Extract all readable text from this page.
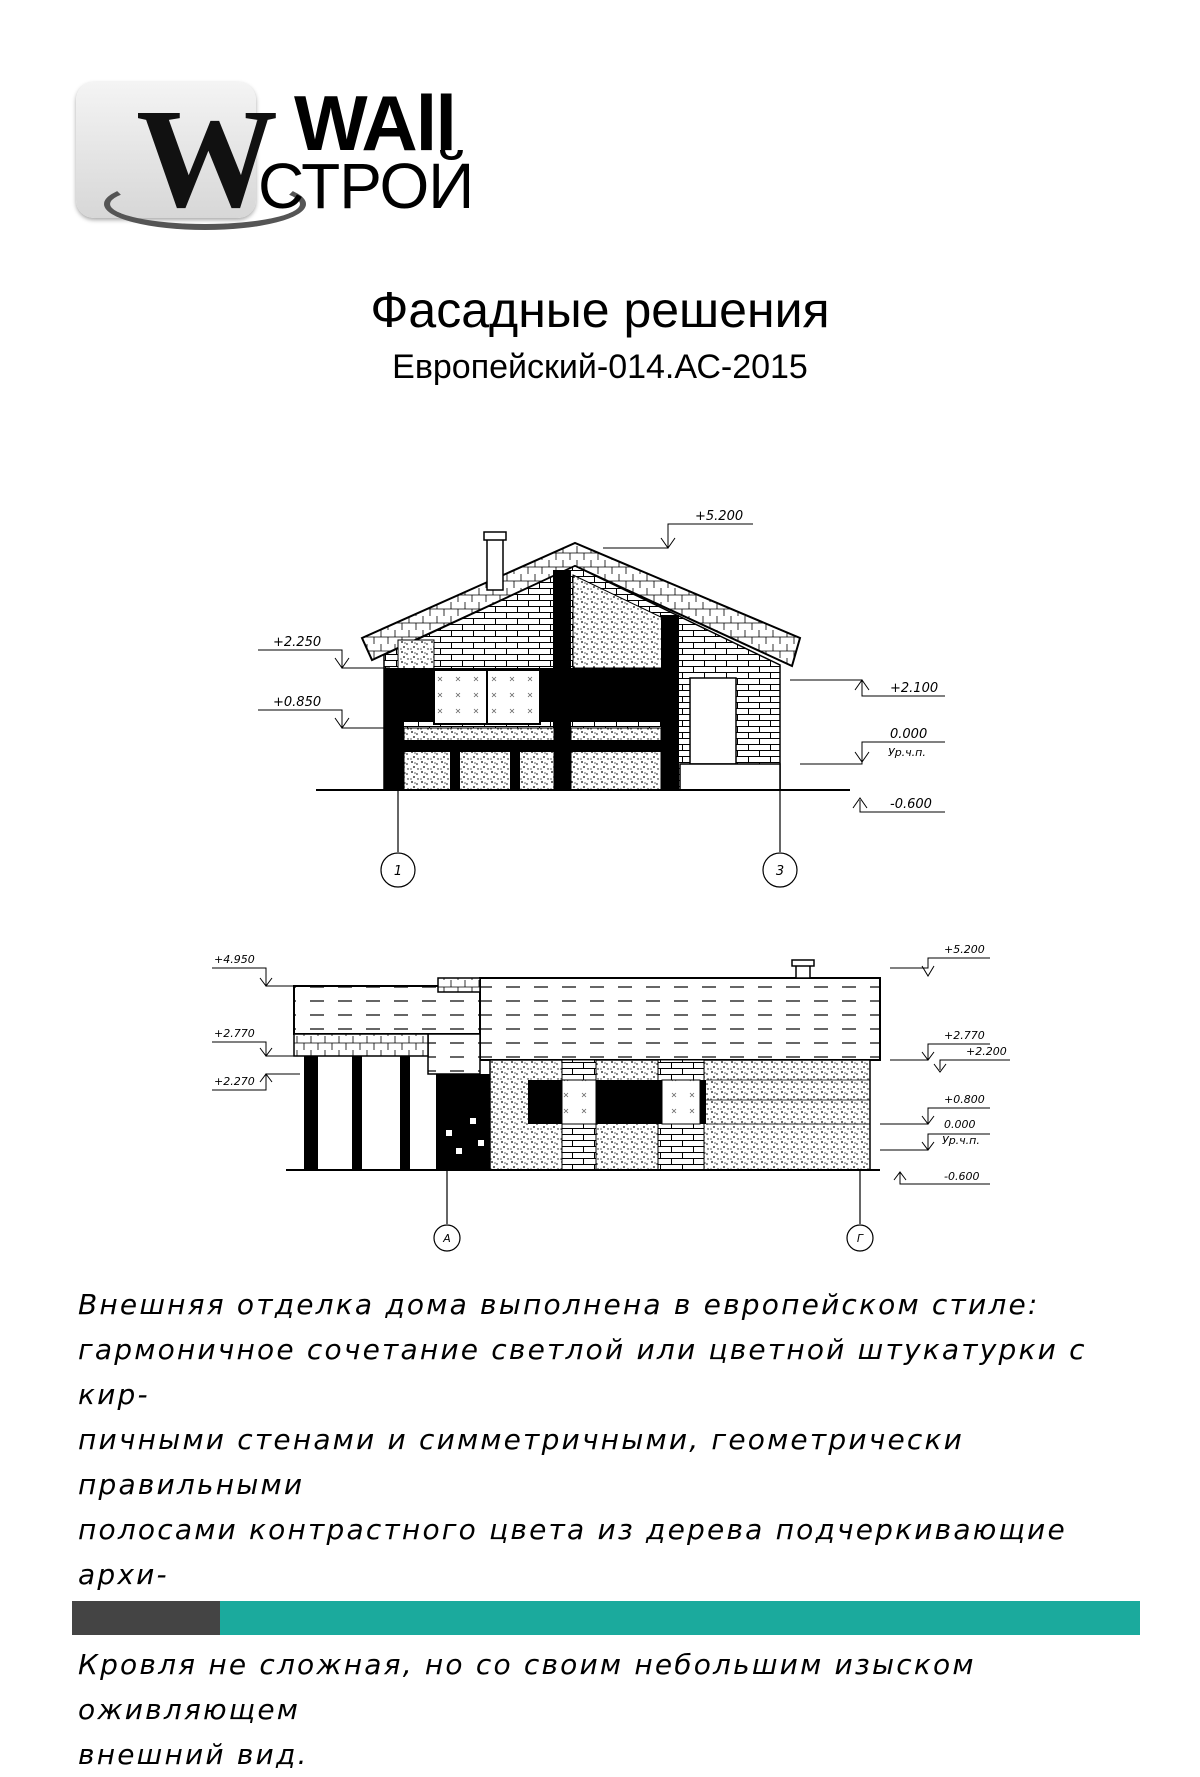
W WAll
СТРОЙ
Фасадные решения
Европейский-014.АС-2015
+5.200
+2.250
+0.850
+2.100
0.000
Ур.ч.п.
-0.600
1	3
+4.950
+2.770
+2.270
+5.200
+2.770
+2.200
+0.800
0.000
Ур.ч.п.
-0.600
А	Г

Внешняя отделка дома выполнена в европейском стиле:

гармоничное сочетание светлой или цветной штукатурки с кир-

пичными стенами и симметричными, геометрически правильными

полосами контрастного цвета из дерева подчеркивающие архи-

Кровля не сложная, но со своим небольшим изыском оживляющем

внешний вид.
